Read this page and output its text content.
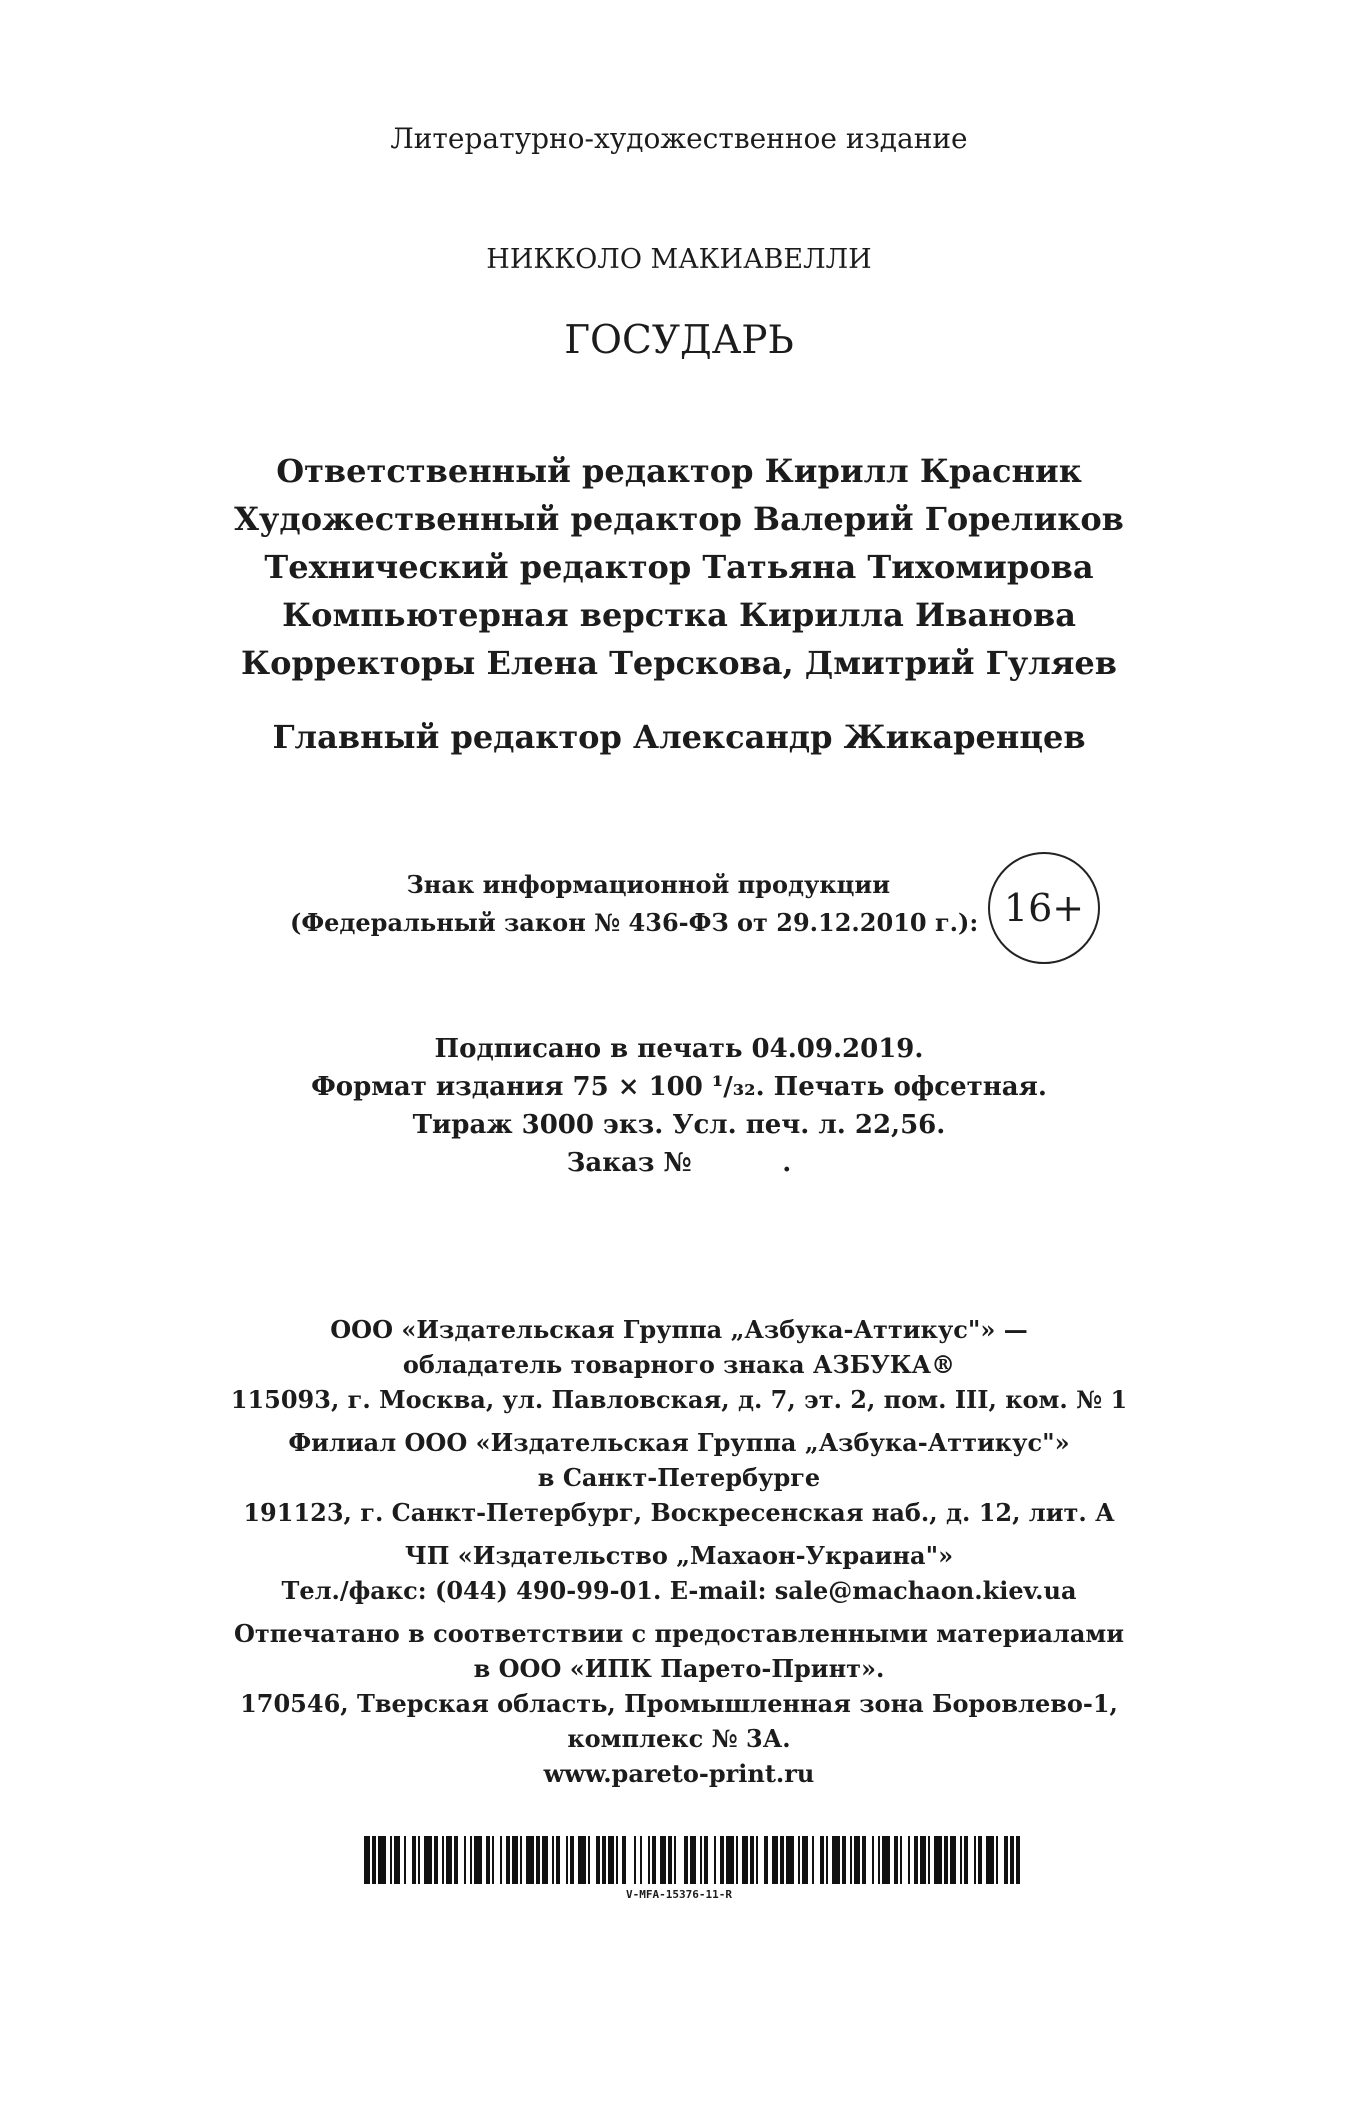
Литературно-художественное издание
НИККОЛО МАКИАВЕЛЛИ
ГОСУДАРЬ
Ответственный редактор Кирилл Красник
Художественный редактор Валерий Гореликов
Технический редактор Татьяна Тихомирова
Компьютерная верстка Кирилла Иванова
Корректоры Елена Терскова, Дмитрий Гуляев
Главный редактор Александр Жикаренцев
Знак информационной продукции
(Федеральный закон № 436-ФЗ от 29.12.2010 г.): 16+
Подписано в печать 04.09.2019.
Формат издания 75 × 100 ¹/₃₂. Печать офсетная.
Тираж 3000 экз. Усл. печ. л. 22,56.
Заказ №          .
ООО «Издательская Группа „Азбука-Аттикус"» —
обладатель товарного знака АЗБУКА®
115093, г. Москва, ул. Павловская, д. 7, эт. 2, пом. III, ком. № 1
Филиал ООО «Издательская Группа „Азбука-Аттикус"»
в Санкт-Петербурге
191123, г. Санкт-Петербург, Воскресенская наб., д. 12, лит. А
ЧП «Издательство „Махаон-Украина"»
Тел./факс: (044) 490-99-01. E-mail: sale@machaon.kiev.ua
Отпечатано в соответствии с предоставленными материалами
в ООО «ИПК Парето-Принт».
170546, Тверская область, Промышленная зона Боровлево-1,
комплекс № 3А.
www.pareto-print.ru
V-MFA-15376-11-R
